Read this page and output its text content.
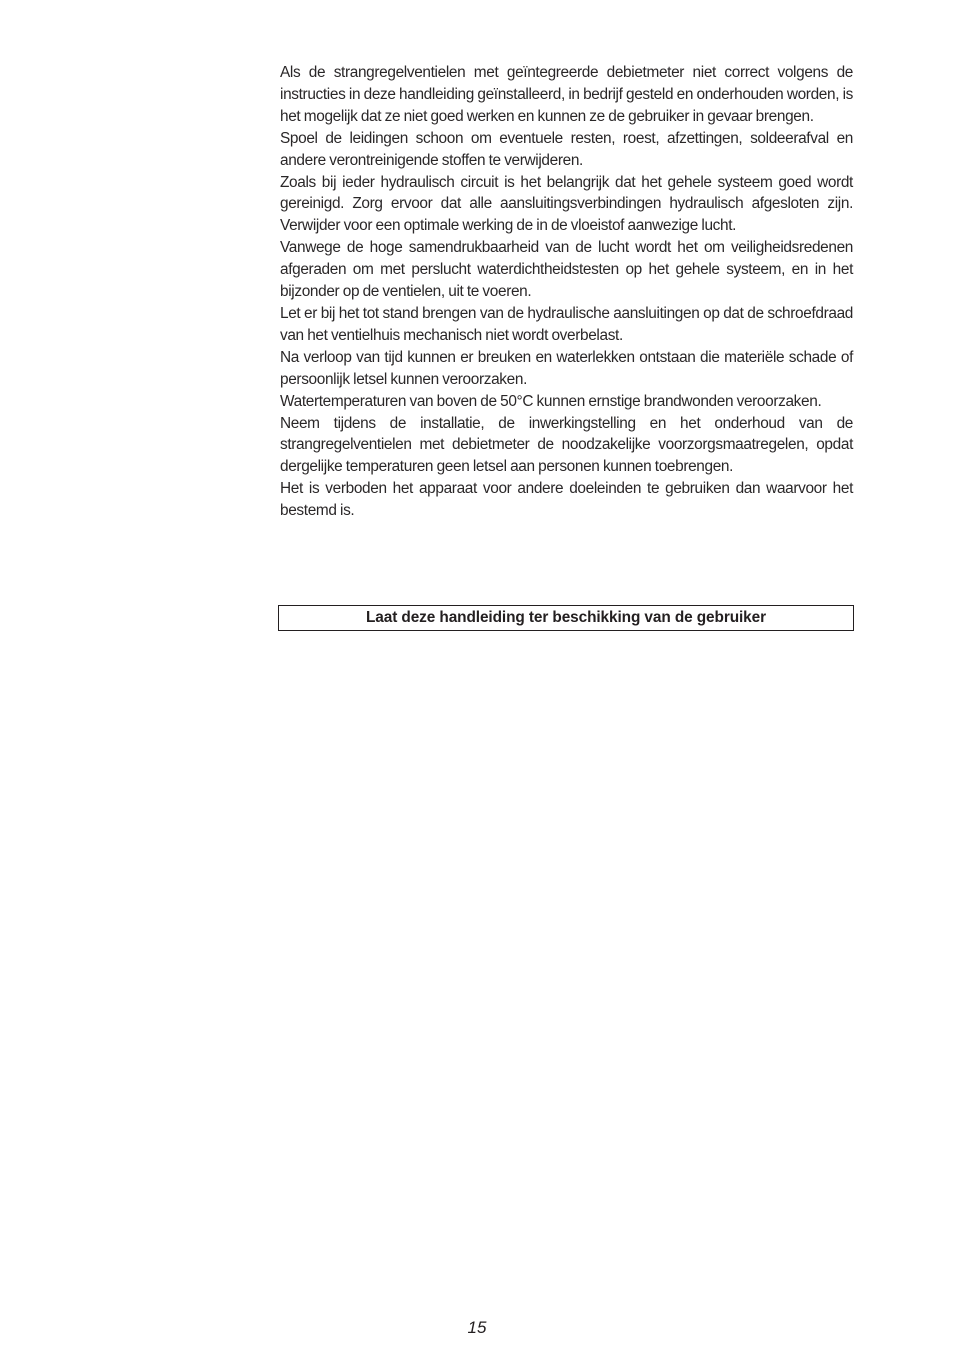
Als de strangregelventielen met geïntegreerde debietmeter niet correct volgens de instructies in deze handleiding geïnstalleerd, in bedrijf gesteld en onderhouden worden, is het mogelijk dat ze niet goed werken en kunnen ze de gebruiker in gevaar brengen.

Spoel de leidingen schoon om eventuele resten, roest, afzettingen, soldeerafval en andere verontreinigende stoffen te verwijderen.

Zoals bij ieder hydraulisch circuit is het belangrijk dat het gehele systeem goed wordt gereinigd. Zorg ervoor dat alle aansluitingsverbindingen hydraulisch afgesloten zijn. Verwijder voor een optimale werking de in de vloeistof aanwezige lucht.

Vanwege de hoge samendrukbaarheid van de lucht wordt het om veiligheidsredenen afgeraden om met perslucht waterdichtheidstesten op het gehele systeem, en in het bijzonder op de ventielen, uit te voeren.

Let er bij het tot stand brengen van de hydraulische aansluitingen op dat de schroefdraad van het ventielhuis mechanisch niet wordt overbelast.

Na verloop van tijd kunnen er breuken en waterlekken ontstaan die materiële schade of persoonlijk letsel kunnen veroorzaken.

Watertemperaturen van boven de 50°C kunnen ernstige brandwonden veroorzaken.

Neem tijdens de installatie, de inwerkingstelling en het onderhoud van de strangregelventielen met debietmeter de noodzakelijke voorzorgsmaatregelen, opdat dergelijke temperaturen geen letsel aan personen kunnen toebrengen.

Het is verboden het apparaat voor andere doeleinden te gebruiken dan waarvoor het bestemd is.

Laat deze handleiding ter beschikking van de gebruiker
15
